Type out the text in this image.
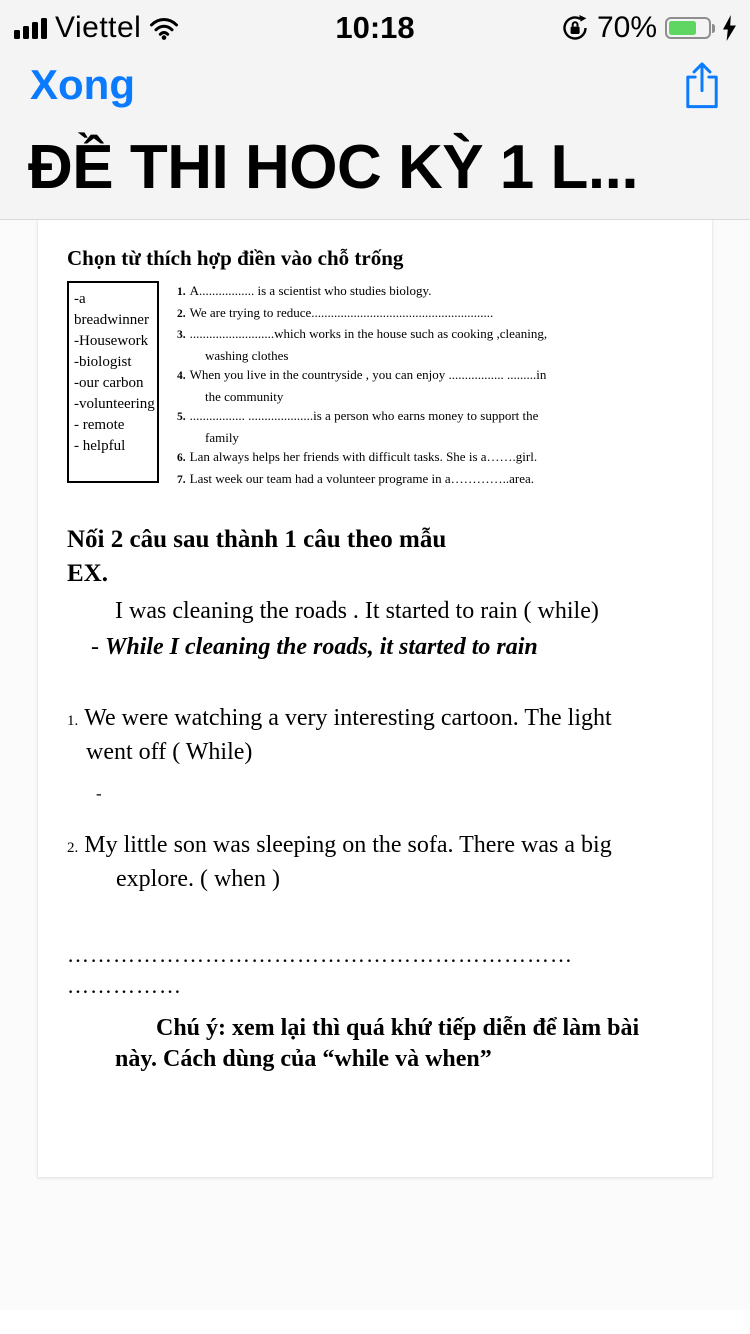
Viettel	10:18	70%
Xong
ĐỀ THI HOC KỲ 1 L...
Chọn từ thích hợp điền vào chỗ trống
-a breadwinner
-Housework
-biologist
-our carbon
-volunteering
- remote
- helpful
1. A................. is a scientist who studies biology.
2. We are trying to reduce........................................................
3. ..........................which works in the house such as cooking ,cleaning,
washing clothes
4. When you live in the countryside , you can enjoy ................. .........in
the community
5. ................. ....................is a person who earns money to support the
family
6. Lan always helps her friends with difficult tasks. She is a…….girl.
7. Last week our team had a volunteer programe in a…………..area.
Nối 2 câu sau thành 1 câu theo mẫu
EX.
I was cleaning the roads . It started to rain ( while)
- While I cleaning the roads, it started to rain
1. We were watching a very interesting cartoon. The light
went off ( While)
-
2. My little son was sleeping on the sofa. There was a big
explore. ( when )
…………………………………………………………
……………
Chú ý: xem lại thì quá khứ tiếp diễn để làm bài
này. Cách dùng của “while và when”
